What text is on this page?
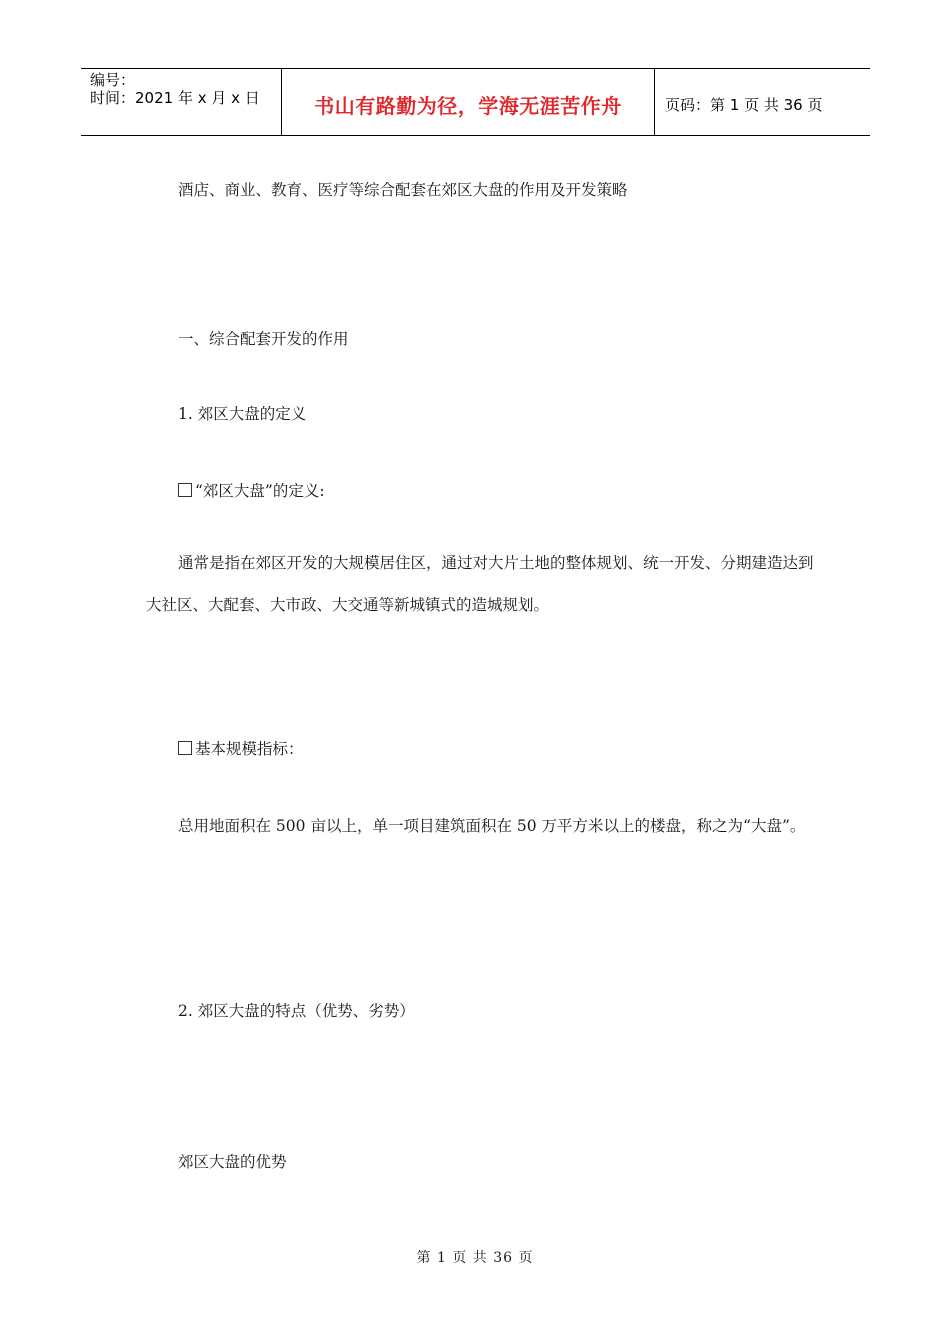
编号：
时间：2021 年 x 月 x 日	书山有路勤为径，学海无涯苦作舟	页码：第 1 页 共 36 页
酒店、商业、教育、医疗等综合配套在郊区大盘的作用及开发策略
一、综合配套开发的作用
1. 郊区大盘的定义
“郊区大盘”的定义:
通常是指在郊区开发的大规模居住区，通过对大片土地的整体规划、统一开发、分期建造达到大社区、大配套、大市政、大交通等新城镇式的造城规划。
基本规模指标：
总用地面积在 500 亩以上，单一项目建筑面积在 50 万平方米以上的楼盘，称之为“大盘”。
2. 郊区大盘的特点（优势、劣势）
郊区大盘的优势
第 1 页 共 36 页
